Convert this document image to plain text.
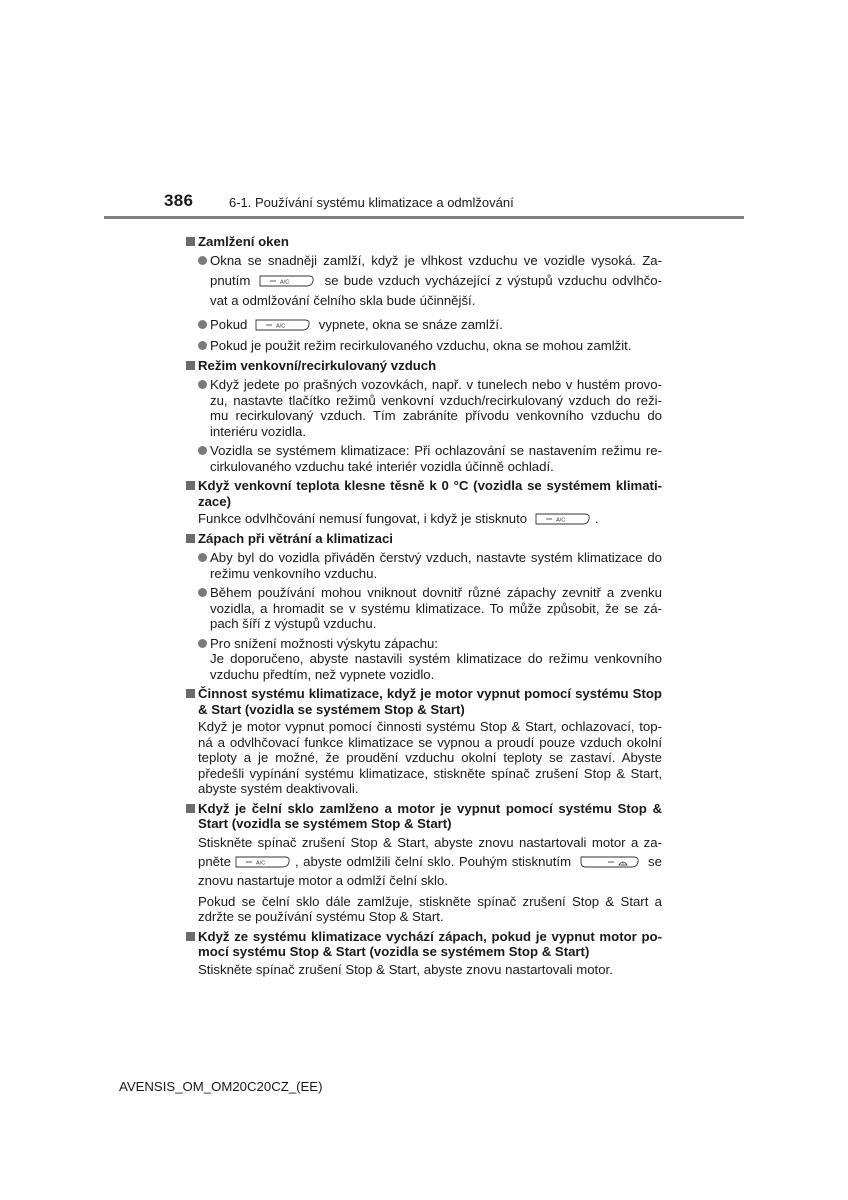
386	6-1. Používání systému klimatizace a odmlžování
Zamlžení oken
Okna se snadněji zamlží, když je vlhkost vzduchu ve vozidle vysoká. Za- pnutím	A/C	se bude vzduch vycházející z výstupů vzduchu odvlhčo- vat a odmlžování čelního skla bude účinnější.
Pokud	A/C	vypnete, okna se snáze zamlží.
Pokud je použit režim recirkulovaného vzduchu, okna se mohou zamlžit.
Režim venkovní/recirkulovaný vzduch
Když jedete po prašných vozovkách, např. v tunelech nebo v hustém provo-zu, nastavte tlačítko režimů venkovní vzduch/recirkulovaný vzduch do reži-mu recirkulovaný vzduch. Tím zabráníte přívodu venkovního vzduchu do interiéru vozidla.
Vozidla se systémem klimatizace: Při ochlazování se nastavením režimu re-cirkulovaného vzduchu také interiér vozidla účinně ochladí.
Když venkovní teplota klesne těsně k 0 °C (vozidla se systémem klimati-zace)
Funkce odvlhčování nemusí fungovat, i když je stisknuto	A/C .
Zápach při větrání a klimatizaci
Aby byl do vozidla přiváděn čerstvý vzduch, nastavte systém klimatizace do režimu venkovního vzduchu.
Během používání mohou vniknout dovnitř různé zápachy zevnitř a zvenku vozidla, a hromadit se v systému klimatizace. To může způsobit, že se zá-pach šíří z výstupů vzduchu.
Pro snížení možnosti výskytu zápachu:
Je doporučeno, abyste nastavili systém klimatizace do režimu venkovního vzduchu předtím, než vypnete vozidlo.
Činnost systému klimatizace, když je motor vypnut pomocí systému Stop & Start (vozidla se systémem Stop & Start)
Když je motor vypnut pomocí činnosti systému Stop & Start, ochlazovací, top-ná a odvlhčovací funkce klimatizace se vypnou a proudí pouze vzduch okolní teploty a je možné, že proudění vzduchu okolní teploty se zastaví. Abyste předešli vypínání systému klimatizace, stiskněte spínač zrušení Stop & Start, abyste systém deaktivovali.
Když je čelní sklo zamlženo a motor je vypnut pomocí systému Stop & Start (vozidla se systémem Stop & Start)
Stiskněte spínač zrušení Stop & Start, abyste znovu nastartovali motor a za- pněte	A/C , abyste odmlžili čelní sklo. Pouhým stisknutím	se znovu nastartuje motor a odmlží čelní sklo.
Pokud se čelní sklo dále zamlžuje, stiskněte spínač zrušení Stop & Start a zdržte se používání systému Stop & Start.
Když ze systému klimatizace vychází zápach, pokud je vypnut motor po-mocí systému Stop & Start (vozidla se systémem Stop & Start)
Stiskněte spínač zrušení Stop & Start, abyste znovu nastartovali motor.
AVENSIS_OM_OM20C20CZ_(EE)
